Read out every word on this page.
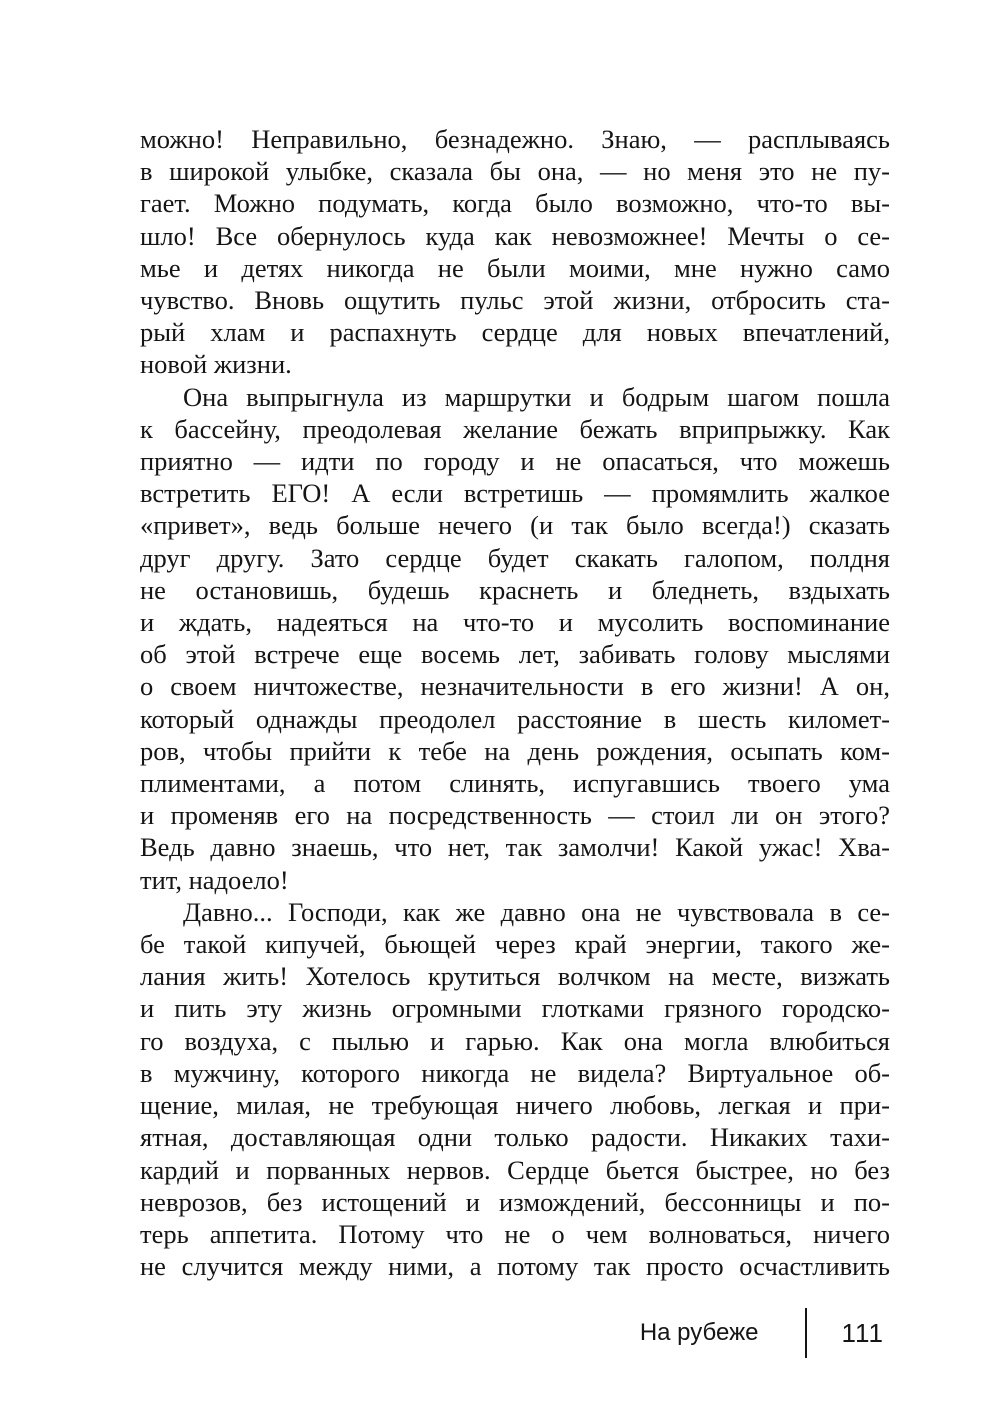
можно! Неправильно, безнадежно. Знаю, — расплываясь
в широкой улыбке, сказала бы она, — но меня это не пу-
гает. Можно подумать, когда было возможно, что-то вы-
шло! Все обернулось куда как невозможнее! Мечты о се-
мье и детях никогда не были моими, мне нужно само
чувство. Вновь ощутить пульс этой жизни, отбросить ста-
рый хлам и распахнуть сердце для новых впечатлений,
новой жизни.
Она выпрыгнула из маршрутки и бодрым шагом пошла
к бассейну, преодолевая желание бежать вприпрыжку. Как
приятно — идти по городу и не опасаться, что можешь
встретить ЕГО! А если встретишь — промямлить жалкое
«привет», ведь больше нечего (и так было всегда!) сказать
друг другу. Зато сердце будет скакать галопом, полдня
не остановишь, будешь краснеть и бледнеть, вздыхать
и ждать, надеяться на что-то и мусолить воспоминание
об этой встрече еще восемь лет, забивать голову мыслями
о своем ничтожестве, незначительности в его жизни! А он,
который однажды преодолел расстояние в шесть километ-
ров, чтобы прийти к тебе на день рождения, осыпать ком-
плиментами, а потом слинять, испугавшись твоего ума
и променяв его на посредственность — стоил ли он этого?
Ведь давно знаешь, что нет, так замолчи! Какой ужас! Хва-
тит, надоело!
Давно... Господи, как же давно она не чувствовала в се-
бе такой кипучей, бьющей через край энергии, такого же-
лания жить! Хотелось крутиться волчком на месте, визжать
и пить эту жизнь огромными глотками грязного городско-
го воздуха, с пылью и гарью. Как она могла влюбиться
в мужчину, которого никогда не видела? Виртуальное об-
щение, милая, не требующая ничего любовь, легкая и при-
ятная, доставляющая одни только радости. Никаких тахи-
кардий и порванных нервов. Сердце бьется быстрее, но без
неврозов, без истощений и измождений, бессонницы и по-
терь аппетита. Потому что не о чем волноваться, ничего
не случится между ними, а потому так просто осчастливить
На рубеже	111
